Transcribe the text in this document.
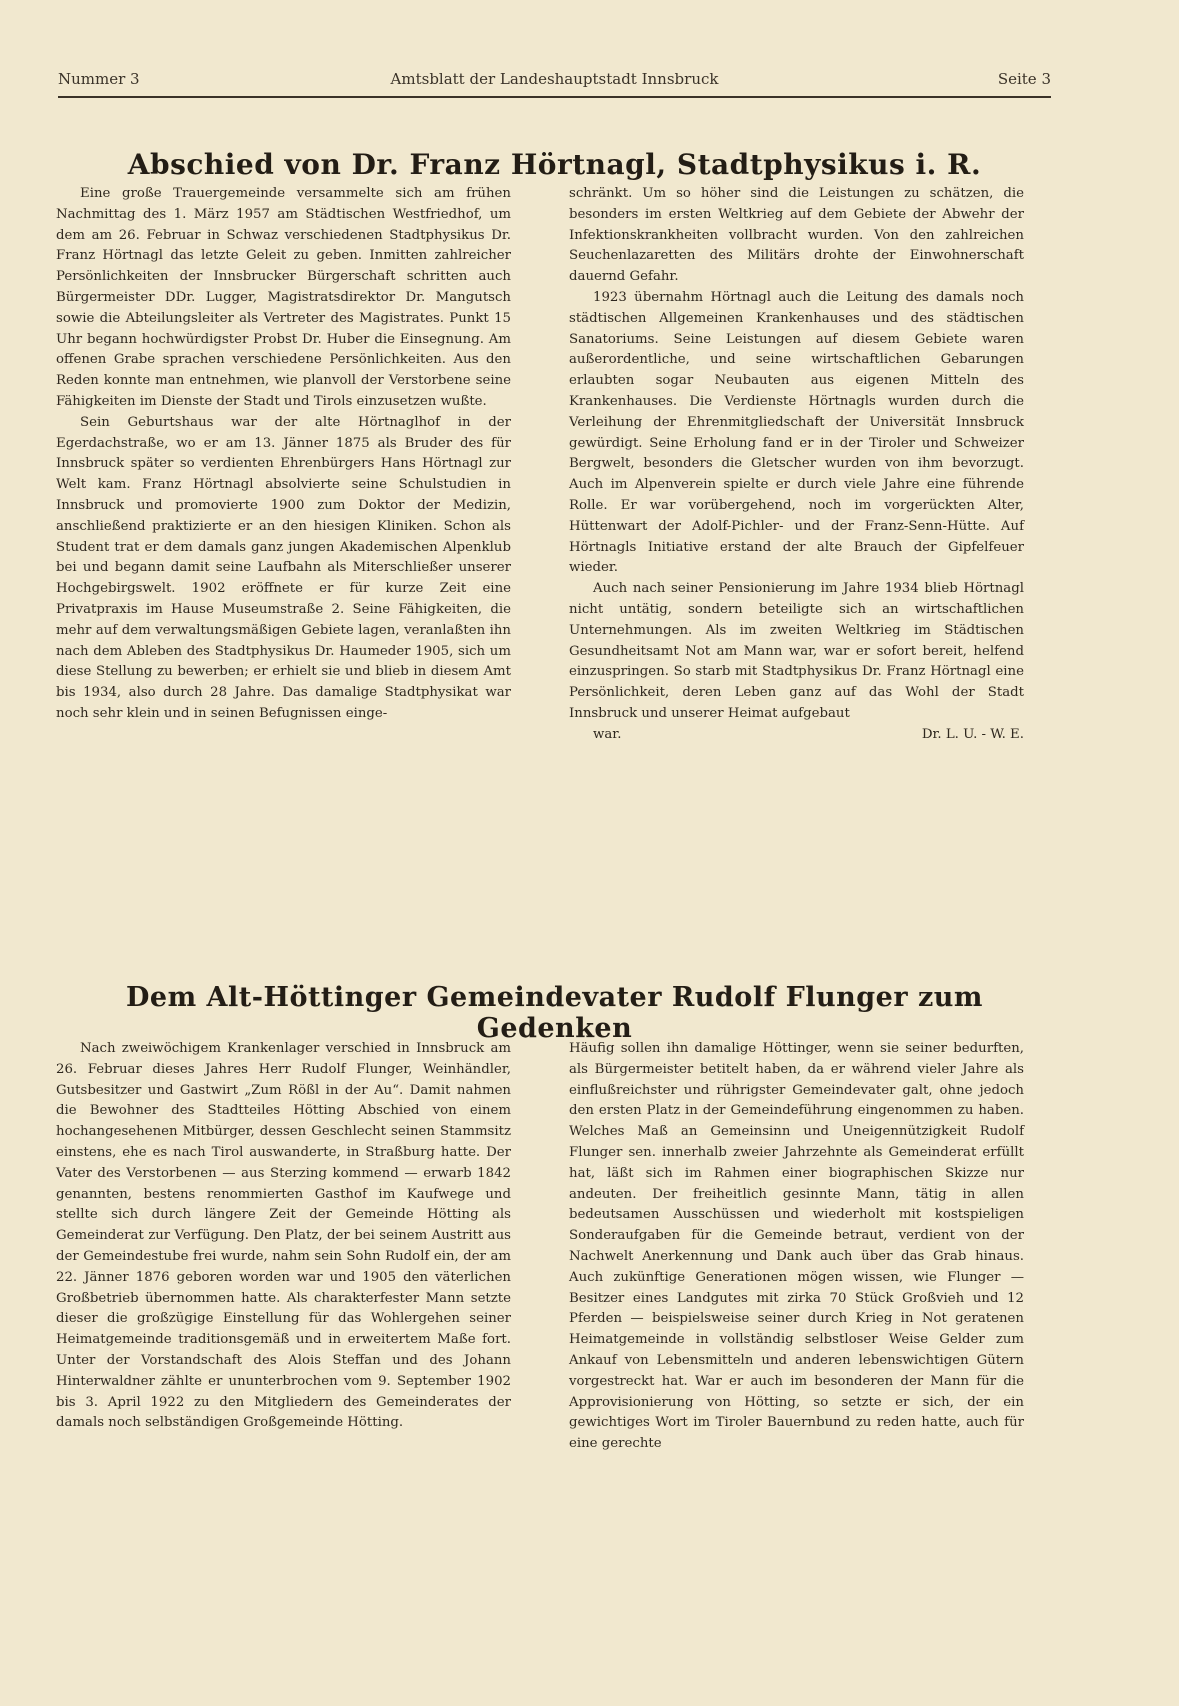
Nummer 3	Amtsblatt der Landeshauptstadt Innsbruck	Seite 3
Abschied von Dr. Franz Hörtnagl, Stadtphysikus i. R.

Eine große Trauergemeinde versammelte sich am frühen Nachmittag des 1. März 1957 am Städtischen Westfriedhof, um dem am 26. Februar in Schwaz verschiedenen Stadtphysikus Dr. Franz Hörtnagl das letzte Geleit zu geben. Inmitten zahlreicher Persönlichkeiten der Innsbrucker Bürgerschaft schritten auch Bürgermeister DDr. Lugger, Magistratsdirektor Dr. Mangutsch sowie die Abteilungsleiter als Vertreter des Magistrates. Punkt 15 Uhr begann hochwürdigster Probst Dr. Huber die Einsegnung. Am offenen Grabe sprachen verschiedene Persönlichkeiten. Aus den Reden konnte man entnehmen, wie planvoll der Verstorbene seine Fähigkeiten im Dienste der Stadt und Tirols einzusetzen wußte.

Sein Geburtshaus war der alte Hörtnaglhof in der Egerdachstraße, wo er am 13. Jänner 1875 als Bruder des für Innsbruck später so verdienten Ehrenbürgers Hans Hörtnagl zur Welt kam. Franz Hörtnagl absolvierte seine Schulstudien in Innsbruck und promovierte 1900 zum Doktor der Medizin, anschließend praktizierte er an den hiesigen Kliniken. Schon als Student trat er dem damals ganz jungen Akademischen Alpenklub bei und begann damit seine Laufbahn als Miterschließer unserer Hochgebirgswelt. 1902 eröffnete er für kurze Zeit eine Privatpraxis im Hause Museumstraße 2. Seine Fähigkeiten, die mehr auf dem verwaltungsmäßigen Gebiete lagen, veranlaßten ihn nach dem Ableben des Stadtphysikus Dr. Haumeder 1905, sich um diese Stellung zu bewerben; er erhielt sie und blieb in diesem Amt bis 1934, also durch 28 Jahre. Das damalige Stadtphysikat war noch sehr klein und in seinen Befugnissen einge-

schränkt. Um so höher sind die Leistungen zu schätzen, die besonders im ersten Weltkrieg auf dem Gebiete der Abwehr der Infektionskrankheiten vollbracht wurden. Von den zahlreichen Seuchenlazaretten des Militärs drohte der Einwohnerschaft dauernd Gefahr.

1923 übernahm Hörtnagl auch die Leitung des damals noch städtischen Allgemeinen Krankenhauses und des städtischen Sanatoriums. Seine Leistungen auf diesem Gebiete waren außerordentliche, und seine wirtschaftlichen Gebarungen erlaubten sogar Neubauten aus eigenen Mitteln des Krankenhauses. Die Verdienste Hörtnagls wurden durch die Verleihung der Ehrenmitgliedschaft der Universität Innsbruck gewürdigt. Seine Erholung fand er in der Tiroler und Schweizer Bergwelt, besonders die Gletscher wurden von ihm bevorzugt. Auch im Alpenverein spielte er durch viele Jahre eine führende Rolle. Er war vorübergehend, noch im vorgerückten Alter, Hüttenwart der Adolf-Pichler- und der Franz-Senn-Hütte. Auf Hörtnagls Initiative erstand der alte Brauch der Gipfelfeuer wieder.

Auch nach seiner Pensionierung im Jahre 1934 blieb Hörtnagl nicht untätig, sondern beteiligte sich an wirtschaftlichen Unternehmungen. Als im zweiten Weltkrieg im Städtischen Gesundheitsamt Not am Mann war, war er sofort bereit, helfend einzuspringen. So starb mit Stadtphysikus Dr. Franz Hörtnagl eine Persönlichkeit, deren Leben ganz auf das Wohl der Stadt Innsbruck und unserer Heimat aufgebaut

war.	Dr. L. U. - W. E.

Dem Alt-Höttinger Gemeindevater Rudolf Flunger zum Gedenken

Nach zweiwöchigem Krankenlager verschied in Innsbruck am 26. Februar dieses Jahres Herr Rudolf Flunger, Weinhändler, Gutsbesitzer und Gastwirt „Zum Rößl in der Au“. Damit nahmen die Bewohner des Stadtteiles Hötting Abschied von einem hochangesehenen Mitbürger, dessen Geschlecht seinen Stammsitz einstens, ehe es nach Tirol auswanderte, in Straßburg hatte. Der Vater des Verstorbenen — aus Sterzing kommend — erwarb 1842 genannten, bestens renommierten Gasthof im Kaufwege und stellte sich durch längere Zeit der Gemeinde Hötting als Gemeinderat zur Verfügung. Den Platz, der bei seinem Austritt aus der Gemeindestube frei wurde, nahm sein Sohn Rudolf ein, der am 22. Jänner 1876 geboren worden war und 1905 den väterlichen Großbetrieb übernommen hatte. Als charakterfester Mann setzte dieser die großzügige Einstellung für das Wohlergehen seiner Heimatgemeinde traditionsgemäß und in erweitertem Maße fort. Unter der Vorstandschaft des Alois Steffan und des Johann Hinterwaldner zählte er ununterbrochen vom 9. September 1902 bis 3. April 1922 zu den Mitgliedern des Gemeinderates der damals noch selbständigen Großgemeinde Hötting.

Häufig sollen ihn damalige Höttinger, wenn sie seiner bedurften, als Bürgermeister betitelt haben, da er während vieler Jahre als einflußreichster und rührigster Gemeindevater galt, ohne jedoch den ersten Platz in der Gemeindeführung eingenommen zu haben. Welches Maß an Gemeinsinn und Uneigennützigkeit Rudolf Flunger sen. innerhalb zweier Jahrzehnte als Gemeinderat erfüllt hat, läßt sich im Rahmen einer biographischen Skizze nur andeuten. Der freiheitlich gesinnte Mann, tätig in allen bedeutsamen Ausschüssen und wiederholt mit kostspieligen Sonderaufgaben für die Gemeinde betraut, verdient von der Nachwelt Anerkennung und Dank auch über das Grab hinaus. Auch zukünftige Generationen mögen wissen, wie Flunger — Besitzer eines Landgutes mit zirka 70 Stück Großvieh und 12 Pferden — beispielsweise seiner durch Krieg in Not geratenen Heimatgemeinde in vollständig selbstloser Weise Gelder zum Ankauf von Lebensmitteln und anderen lebenswichtigen Gütern vorgestreckt hat. War er auch im besonderen der Mann für die Approvisionierung von Hötting, so setzte er sich, der ein gewichtiges Wort im Tiroler Bauernbund zu reden hatte, auch für eine gerechte
